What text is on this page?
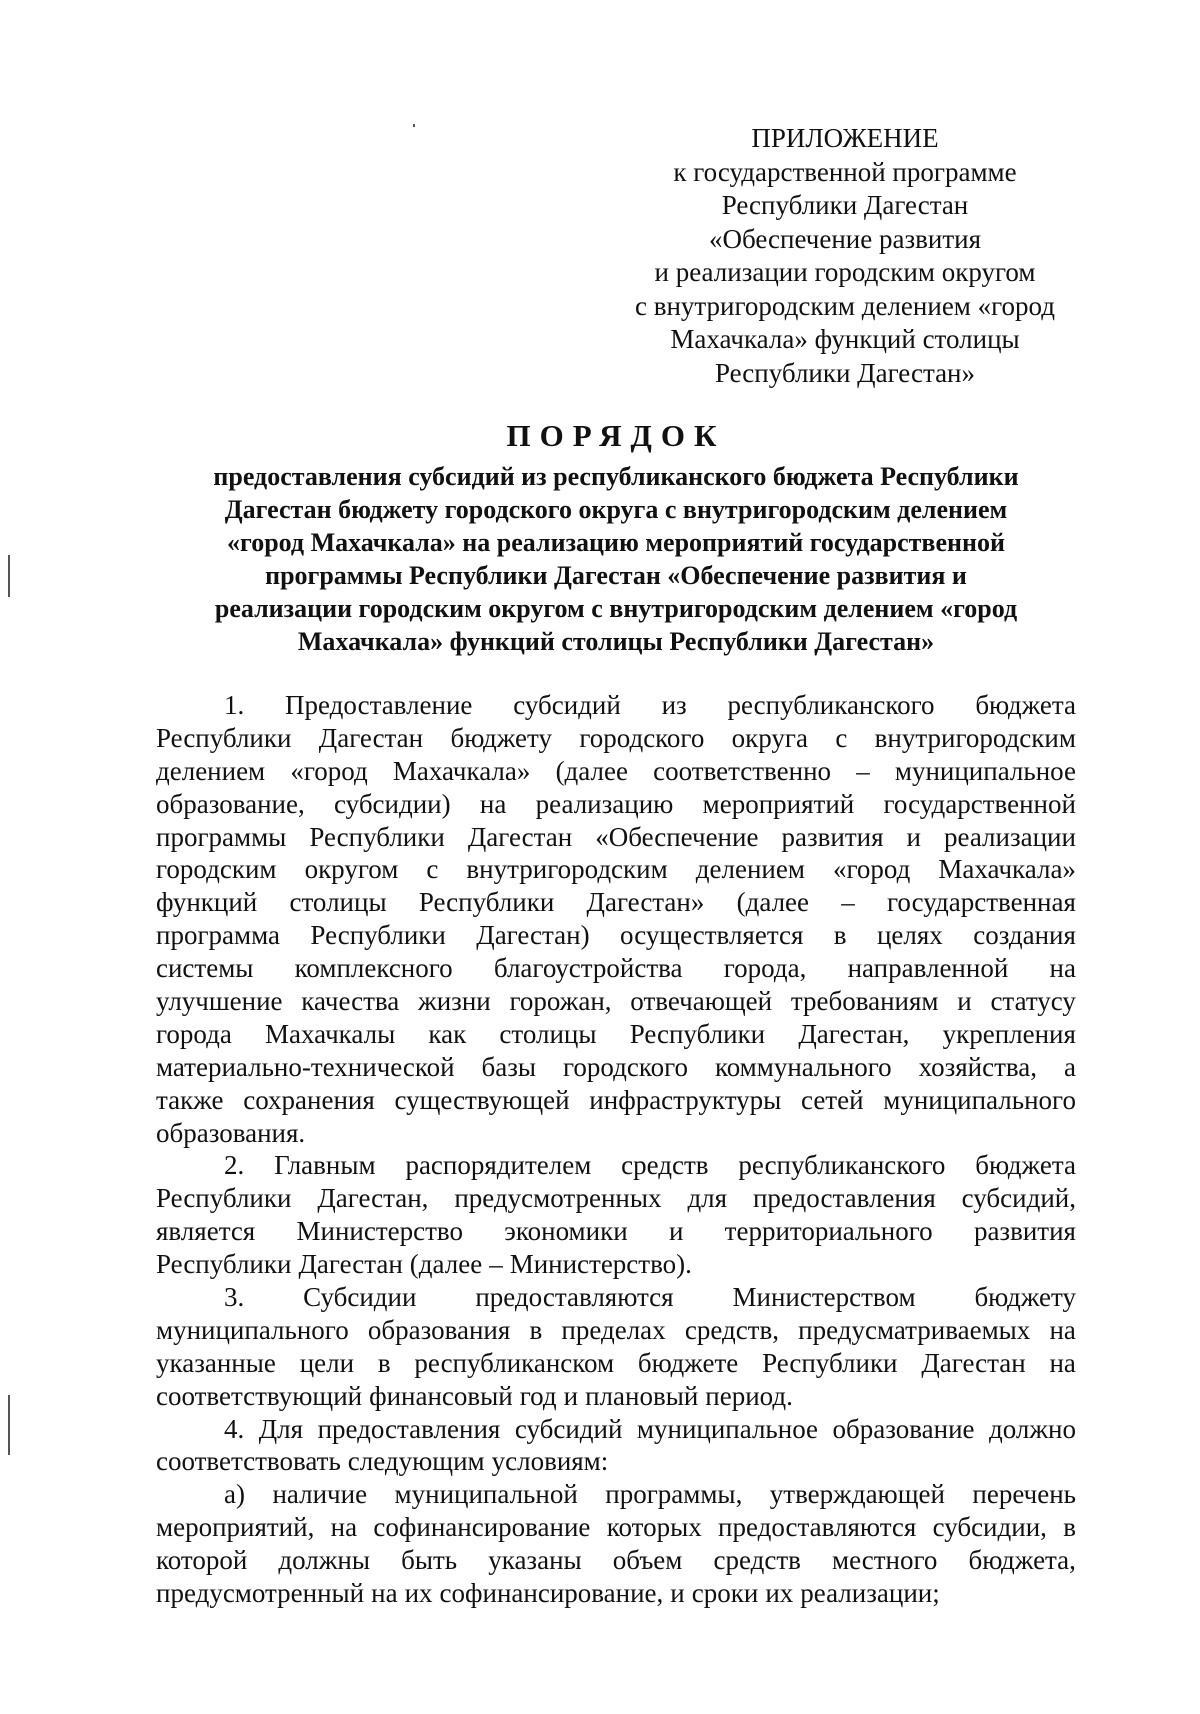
ПРИЛОЖЕНИЕ
к государственной программе
Республики Дагестан
«Обеспечение развития
и реализации городским округом
с внутригородским делением «город
Махачкала» функций столицы
Республики Дагестан»
ПОРЯДОК
предоставления субсидий из республиканского бюджета Республики
Дагестан бюджету городского округа с внутригородским делением
«город Махачкала» на реализацию мероприятий государственной
программы Республики Дагестан «Обеспечение развития и
реализации городским округом с внутригородским делением «город
Махачкала» функций столицы Республики Дагестан»
1. Предоставление субсидий из республиканского бюджета
Республики Дагестан бюджету городского округа с внутригородским
делением «город Махачкала» (далее соответственно – муниципальное
образование, субсидии) на реализацию мероприятий государственной
программы Республики Дагестан «Обеспечение развития и реализации
городским округом с внутригородским делением «город Махачкала»
функций столицы Республики Дагестан» (далее – государственная
программа Республики Дагестан) осуществляется в целях создания
системы комплексного благоустройства города, направленной на
улучшение качества жизни горожан, отвечающей требованиям и статусу
города Махачкалы как столицы Республики Дагестан, укрепления
материально-технической базы городского коммунального хозяйства, а
также сохранения существующей инфраструктуры сетей муниципального
образования.
2. Главным распорядителем средств республиканского бюджета
Республики Дагестан, предусмотренных для предоставления субсидий,
является Министерство экономики и территориального развития
Республики Дагестан (далее – Министерство).
3. Субсидии предоставляются Министерством бюджету
муниципального образования в пределах средств, предусматриваемых на
указанные цели в республиканском бюджете Республики Дагестан на
соответствующий финансовый год и плановый период.
4. Для предоставления субсидий муниципальное образование должно
соответствовать следующим условиям:
а) наличие муниципальной программы, утверждающей перечень
мероприятий, на софинансирование которых предоставляются субсидии, в
которой должны быть указаны объем средств местного бюджета,
предусмотренный на их софинансирование, и сроки их реализации;
